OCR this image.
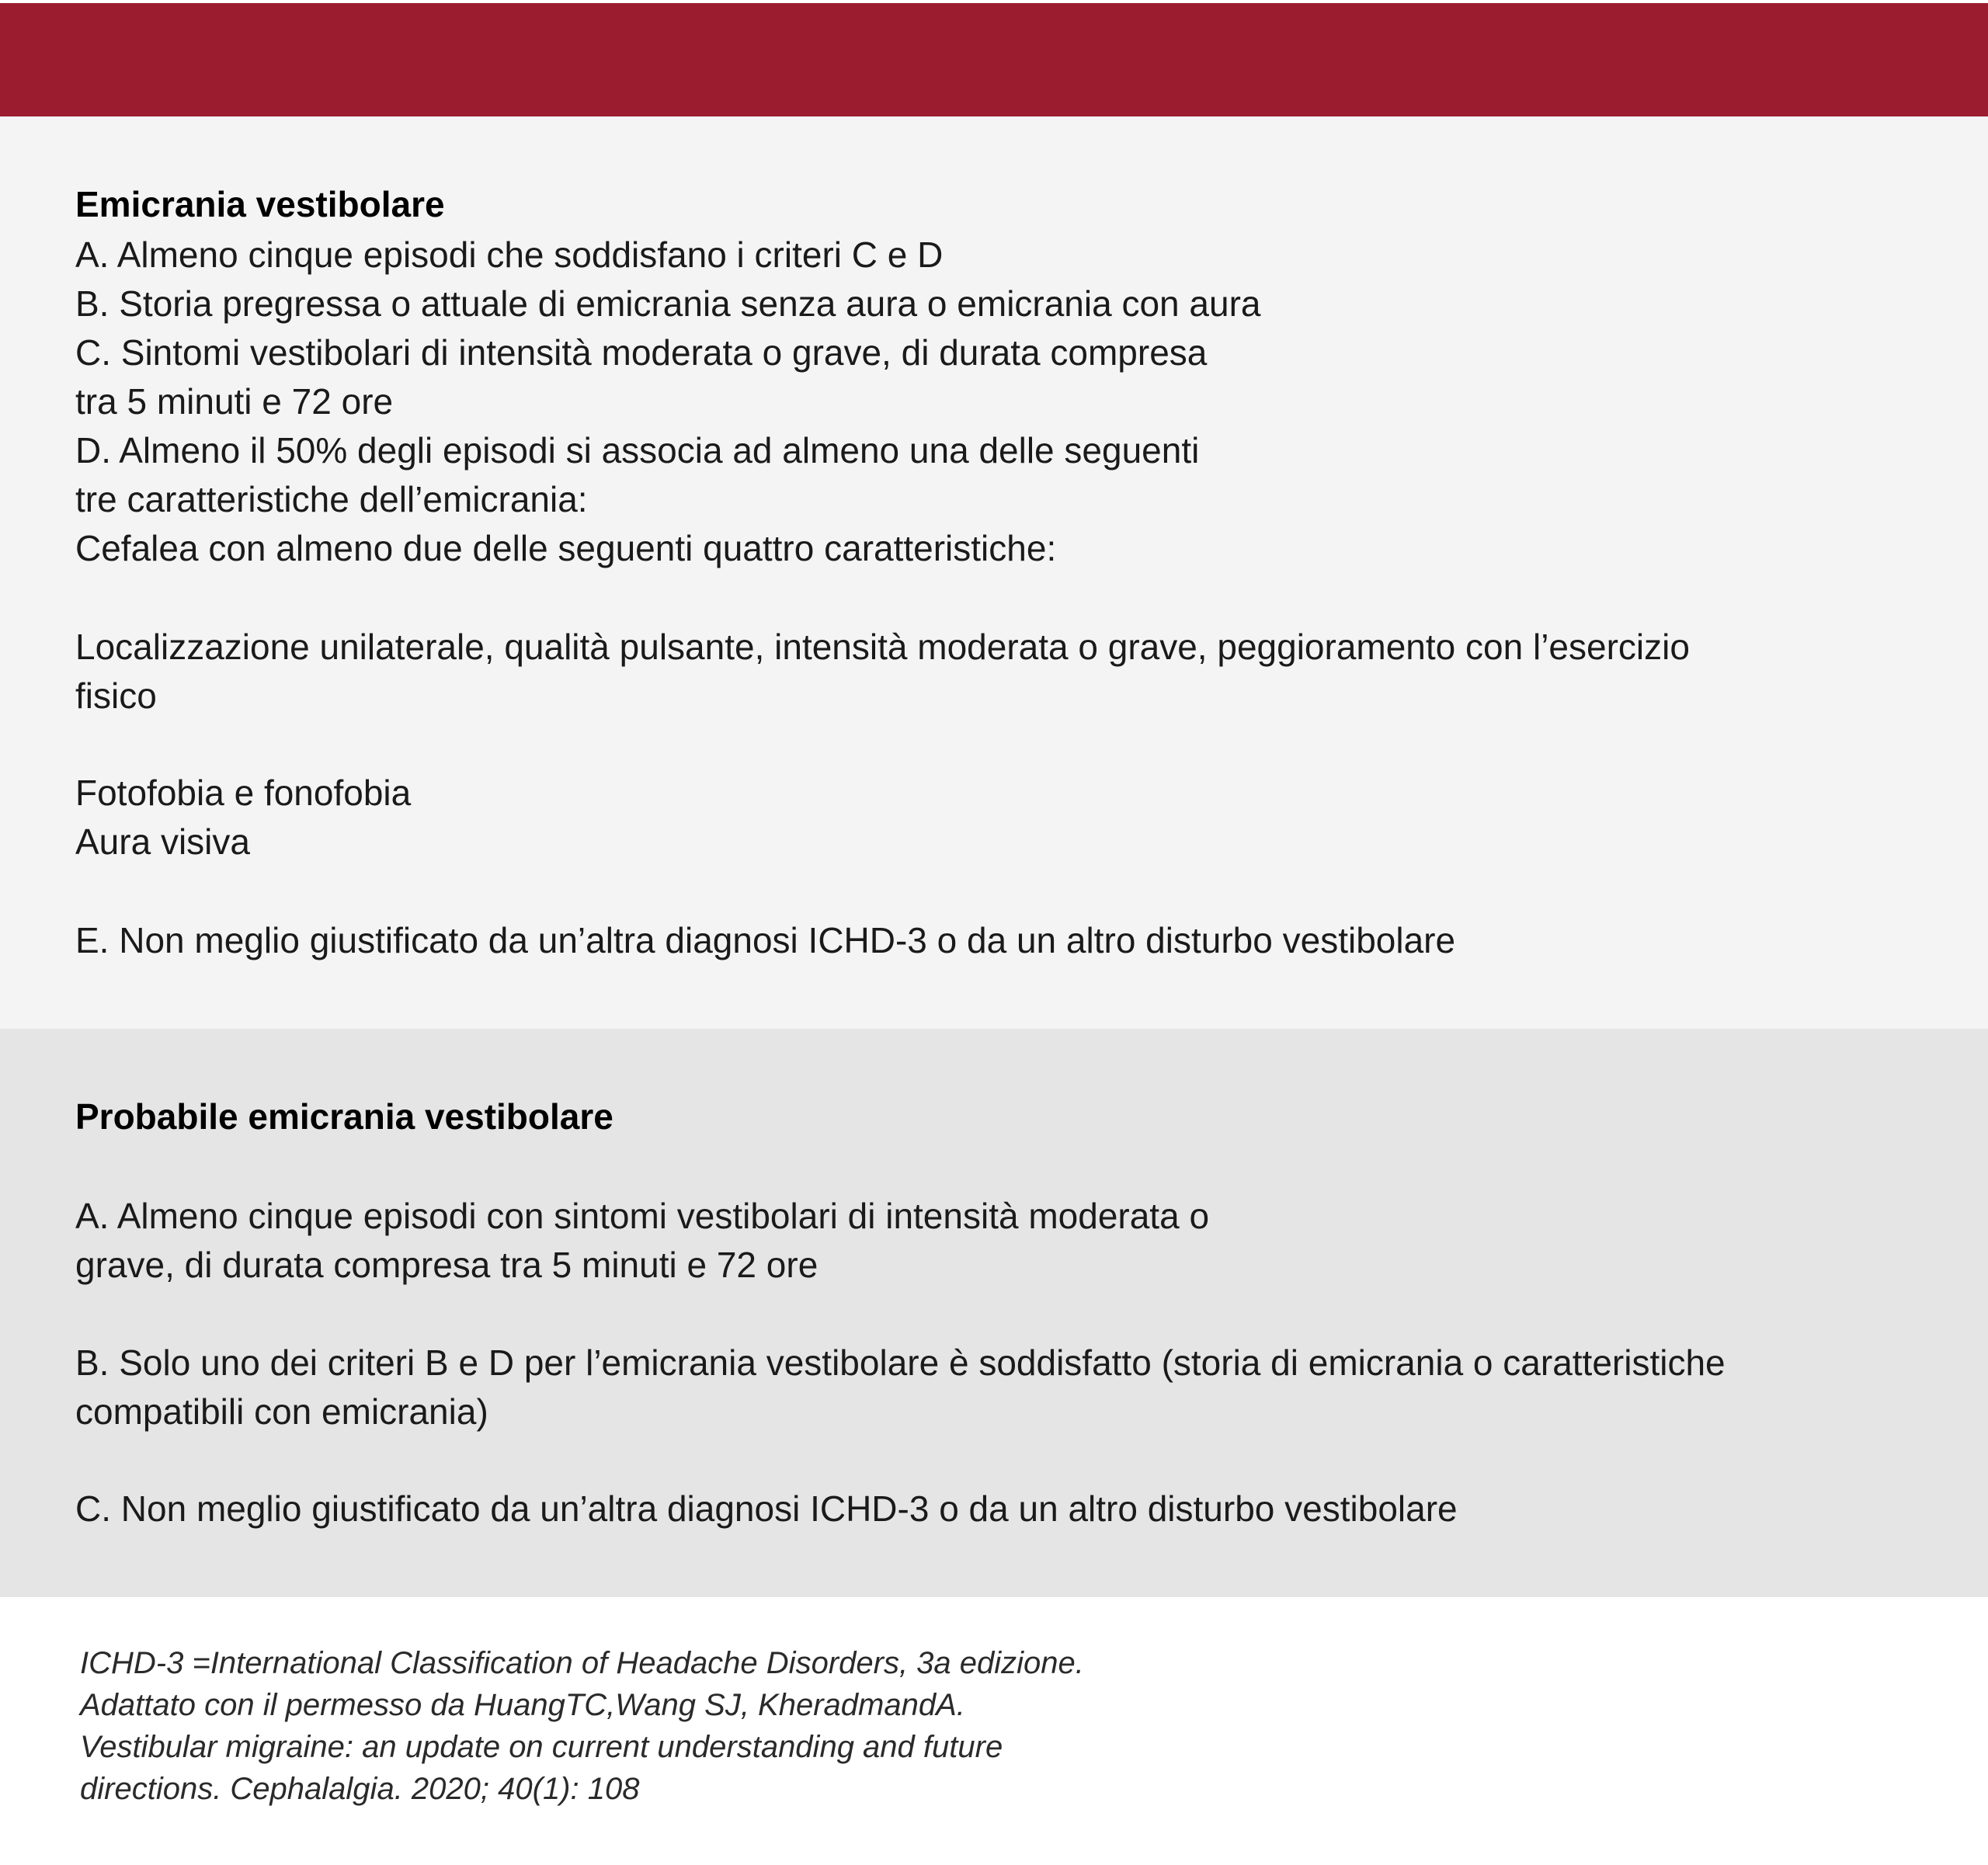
Emicrania vestibolare
A. Almeno cinque episodi che soddisfano i criteri C e D
B. Storia pregressa o attuale di emicrania senza aura o emicrania con aura
C. Sintomi vestibolari di intensità moderata o grave, di durata compresa
tra 5 minuti e 72 ore
D. Almeno il 50% degli episodi si associa ad almeno una delle seguenti
tre caratteristiche dell’emicrania:
Cefalea con almeno due delle seguenti quattro caratteristiche:
Localizzazione unilaterale, qualità pulsante, intensità moderata o grave, peggioramento con l’esercizio
fisico
Fotofobia e fonofobia
Aura visiva
E. Non meglio giustificato da un’altra diagnosi ICHD-3 o da un altro disturbo vestibolare
Probabile emicrania vestibolare
A. Almeno cinque episodi con sintomi vestibolari di intensità moderata o
grave, di durata compresa tra 5 minuti e 72 ore
B. Solo uno dei criteri B e D per l’emicrania vestibolare è soddisfatto (storia di emicrania o caratteristiche
compatibili con emicrania)
C. Non meglio giustificato da un’altra diagnosi ICHD-3 o da un altro disturbo vestibolare
ICHD-3 =International Classification of Headache Disorders, 3a edizione.
Adattato con il permesso da HuangTC,Wang SJ, KheradmandA.
Vestibular migraine: an update on current understanding and future
directions. Cephalalgia. 2020; 40(1): 108
